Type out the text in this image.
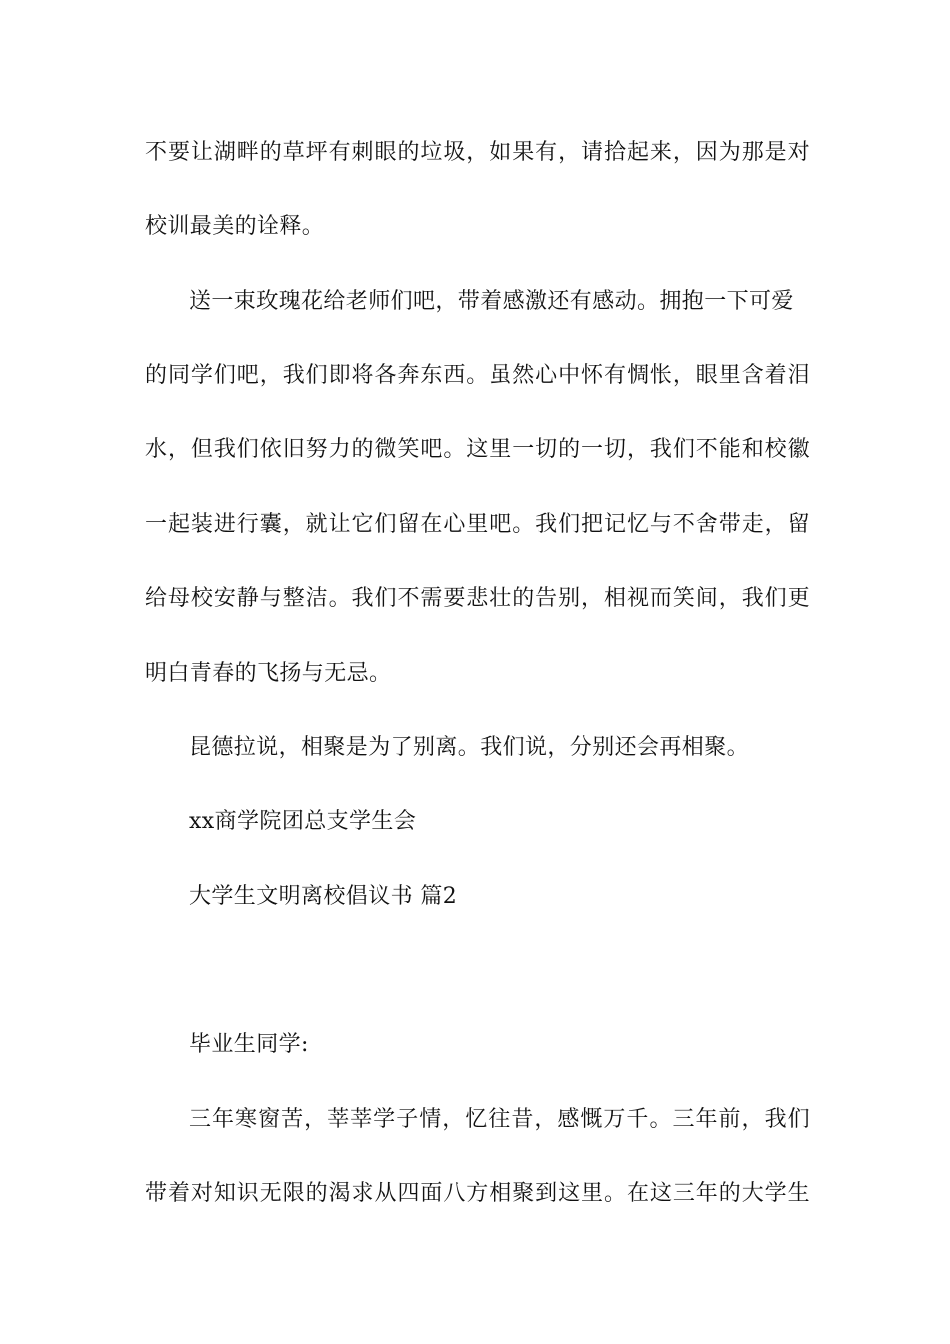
不要让湖畔的草坪有刺眼的垃圾，如果有，请拾起来，因为那是对
校训最美的诠释。
送一束玫瑰花给老师们吧，带着感激还有感动。拥抱一下可爱
的同学们吧，我们即将各奔东西。虽然心中怀有惆怅，眼里含着泪
水，但我们依旧努力的微笑吧。这里一切的一切，我们不能和校徽
一起装进行囊，就让它们留在心里吧。我们把记忆与不舍带走，留
给母校安静与整洁。我们不需要悲壮的告别，相视而笑间，我们更
明白青春的飞扬与无忌。
昆德拉说，相聚是为了别离。我们说，分别还会再相聚。
xx商学院团总支学生会
大学生文明离校倡议书 篇2
毕业生同学:
三年寒窗苦，莘莘学子情，忆往昔，感慨万千。三年前，我们
带着对知识无限的渴求从四面八方相聚到这里。在这三年的大学生
